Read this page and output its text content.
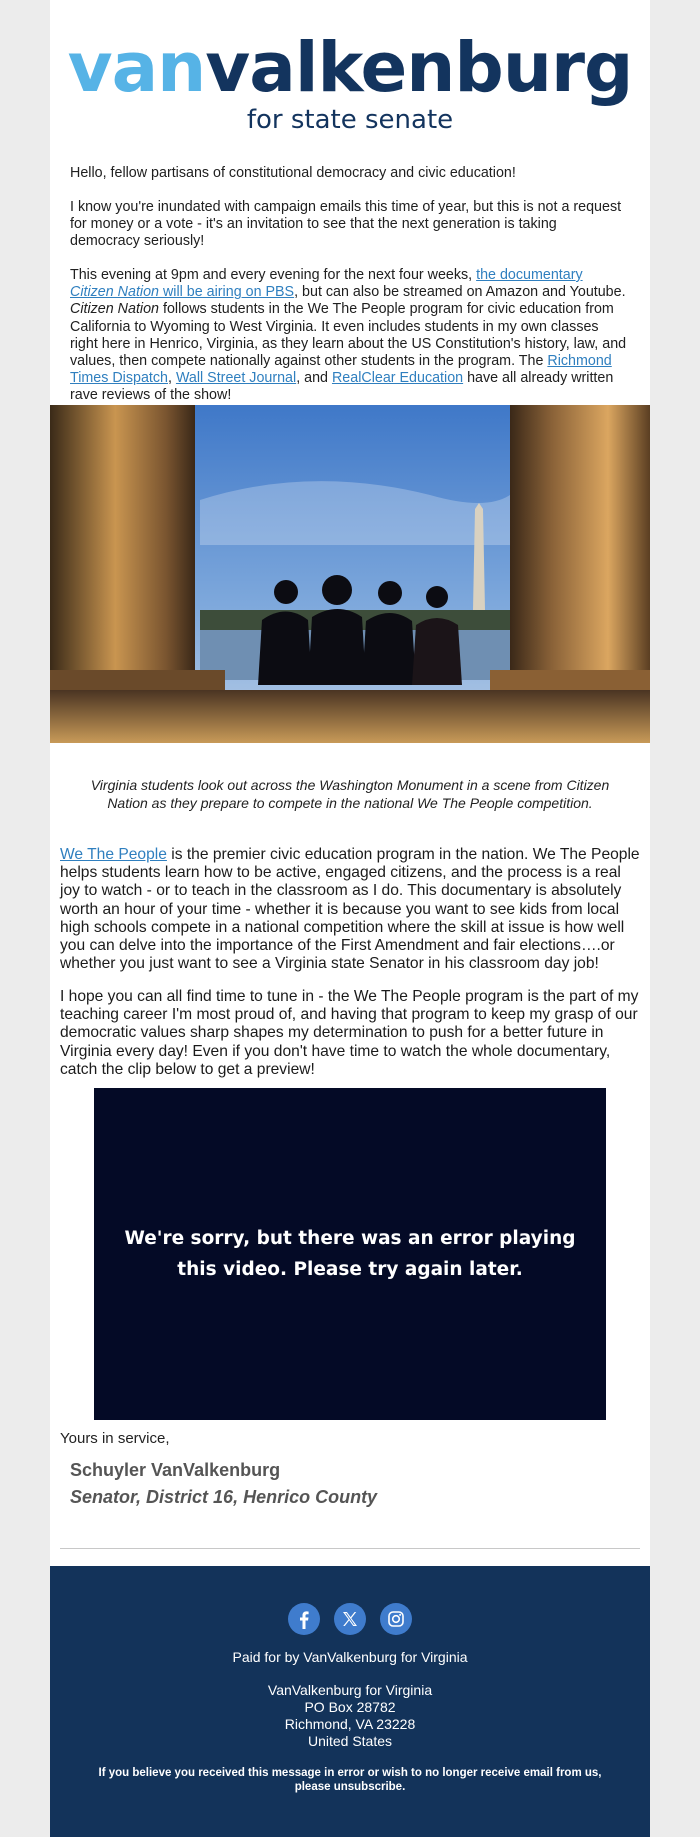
vanvalkenburg
for state senate

Hello, fellow partisans of constitutional democracy and civic education!

I know you're inundated with campaign emails this time of year, but this is not a request for money or a vote - it's an invitation to see that the next generation is taking democracy seriously!

This evening at 9pm and every evening for the next four weeks, the documentary Citizen Nation will be airing on PBS, but can also be streamed on Amazon and Youtube. Citizen Nation follows students in the We The People program for civic education from California to Wyoming to West Virginia. It even includes students in my own classes right here in Henrico, Virginia, as they learn about the US Constitution's history, law, and values, then compete nationally against other students in the program. The Richmond Times Dispatch, Wall Street Journal, and RealClear Education have all already written rave reviews of the show!

Virginia students look out across the Washington Monument in a scene from Citizen Nation as they prepare to compete in the national We The People competition.
We The People is the premier civic education program in the nation. We The People helps students learn how to be active, engaged citizens, and the process is a real joy to watch - or to teach in the classroom as I do. This documentary is absolutely worth an hour of your time - whether it is because you want to see kids from local high schools compete in a national competition where the skill at issue is how well you can delve into the importance of the First Amendment and fair elections….or whether you just want to see a Virginia state Senator in his classroom day job!
I hope you can all find time to tune in - the We The People program is the part of my teaching career I'm most proud of, and having that program to keep my grasp of our democratic values sharp shapes my determination to push for a better future in Virginia every day! Even if you don't have time to watch the whole documentary, catch the clip below to get a preview!
We're sorry, but there was an error playing this video. Please try again later.
Yours in service,
Schuyler VanValkenburg
Senator, District 16, Henrico County
Paid for by VanValkenburg for Virginia
VanValkenburg for Virginia
PO Box 28782
Richmond, VA 23228
United States
If you believe you received this message in error or wish to no longer receive email from us, please unsubscribe.
